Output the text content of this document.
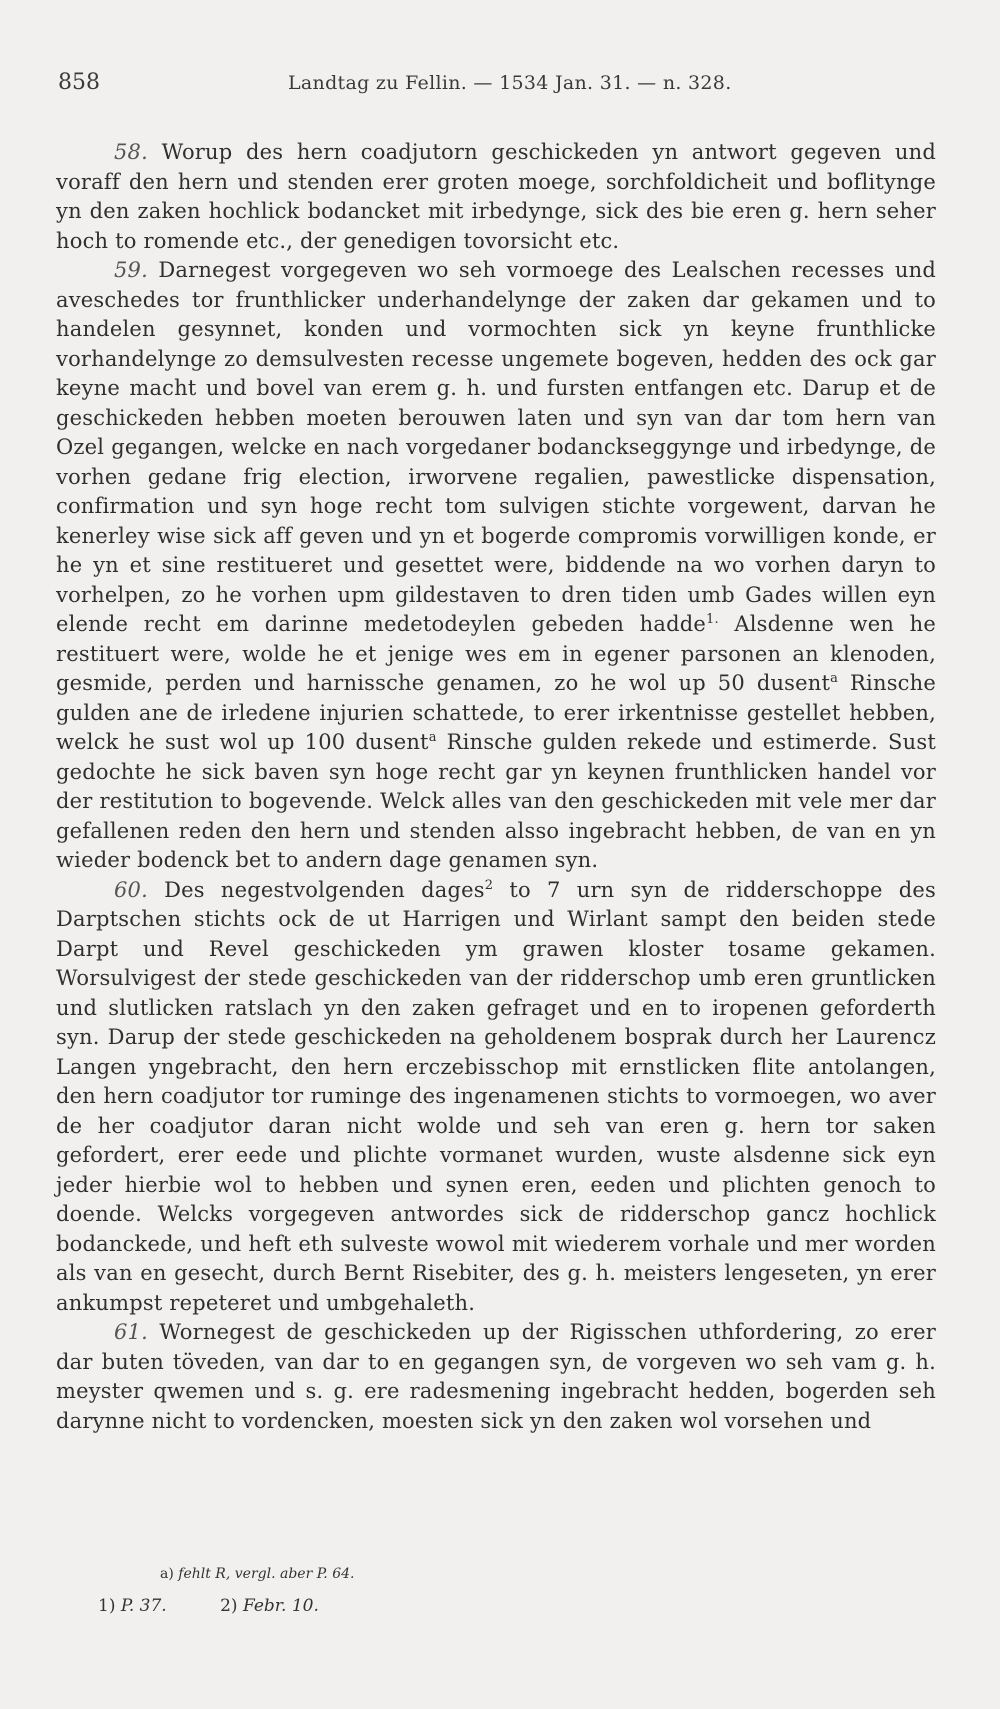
858	Landtag zu Fellin. — 1534 Jan. 31. — n. 328.

58. Worup des hern coadjutorn geschickeden yn antwort gegeven und voraff den hern und stenden erer groten moege, sorchfoldicheit und boflitynge yn den zaken hochlick bodancket mit irbedynge, sick des bie eren g. hern seher hoch to romende etc., der genedigen tovorsicht etc.

59. Darnegest vorgegeven wo seh vormoege des Lealschen recesses und aveschedes tor frunthlicker underhandelynge der zaken dar gekamen und to handelen gesynnet, konden und vormochten sick yn keyne frunthlicke vorhandelynge zo demsulvesten recesse ungemete bogeven, hedden des ock gar keyne macht und bovel van erem g. h. und fursten entfangen etc. Darup et de geschickeden hebben moeten berouwen laten und syn van dar tom hern van Ozel gegangen, welcke en nach vorgedaner bodanckseggynge und irbedynge, de vorhen gedane frig election, irworvene regalien, pawestlicke dispensation, confirmation und syn hoge recht tom sulvigen stichte vorgewent, darvan he kenerley wise sick aff geven und yn et bogerde compromis vorwilligen konde, er he yn et sine restitueret und gesettet were, biddende na wo vorhen daryn to vorhelpen, zo he vorhen upm gildestaven to dren tiden umb Gades willen eyn elende recht em darinne medetodeylen gebeden hadde$^{1.}$ Alsdenne wen he restituert were, wolde he et jenige wes em in egener parsonen an klenoden, gesmide, perden und harnissche genamen, zo he wol up 50 dusent$^a$ Rinsche gulden ane de irledene injurien schattede, to erer irkentnisse gestellet hebben, welck he sust wol up 100 dusent$^a$ Rinsche gulden rekede und estimerde. Sust gedochte he sick baven syn hoge recht gar yn keynen frunthlicken handel vor der restitution to bogevende. Welck alles van den geschickeden mit vele mer dar gefallenen reden den hern und stenden alsso ingebracht hebben, de van en yn wieder bodenck bet to andern dage genamen syn.

60. Des negestvolgenden dages$^2$ to 7 urn syn de ridderschoppe des Darptschen stichts ock de ut Harrigen und Wirlant sampt den beiden stede Darpt und Revel geschickeden ym grawen kloster tosame gekamen. Worsulvigest der stede geschickeden van der ridderschop umb eren gruntlicken und slutlicken ratslach yn den zaken gefraget und en to iropenen geforderth syn. Darup der stede geschickeden na geholdenem bosprak durch her Laurencz Langen yngebracht, den hern erczebisschop mit ernstlicken flite antolangen, den hern coadjutor tor ruminge des ingenamenen stichts to vormoegen, wo aver de her coadjutor daran nicht wolde und seh van eren g. hern tor saken gefordert, erer eede und plichte vormanet wurden, wuste alsdenne sick eyn jeder hierbie wol to hebben und synen eren, eeden und plichten genoch to doende. Welcks vorgegeven antwordes sick de ridderschop gancz hochlick bodanckede, und heft eth sulveste wowol mit wiederem vorhale und mer worden als van en gesecht, durch Bernt Risebiter, des g. h. meisters lengeseten, yn erer ankumpst repeteret und umbgehaleth.

61. Wornegest de geschickeden up der Rigisschen uthfordering, zo erer dar buten töveden, van dar to en gegangen syn, de vorgeven wo seh vam g. h. meyster qwemen und s. g. ere radesmening ingebracht hedden, bogerden seh darynne nicht to vordencken, moesten sick yn den zaken wol vorsehen und

a) fehlt R, vergl. aber P. 64.
1) P. 37.	2) Febr. 10.
